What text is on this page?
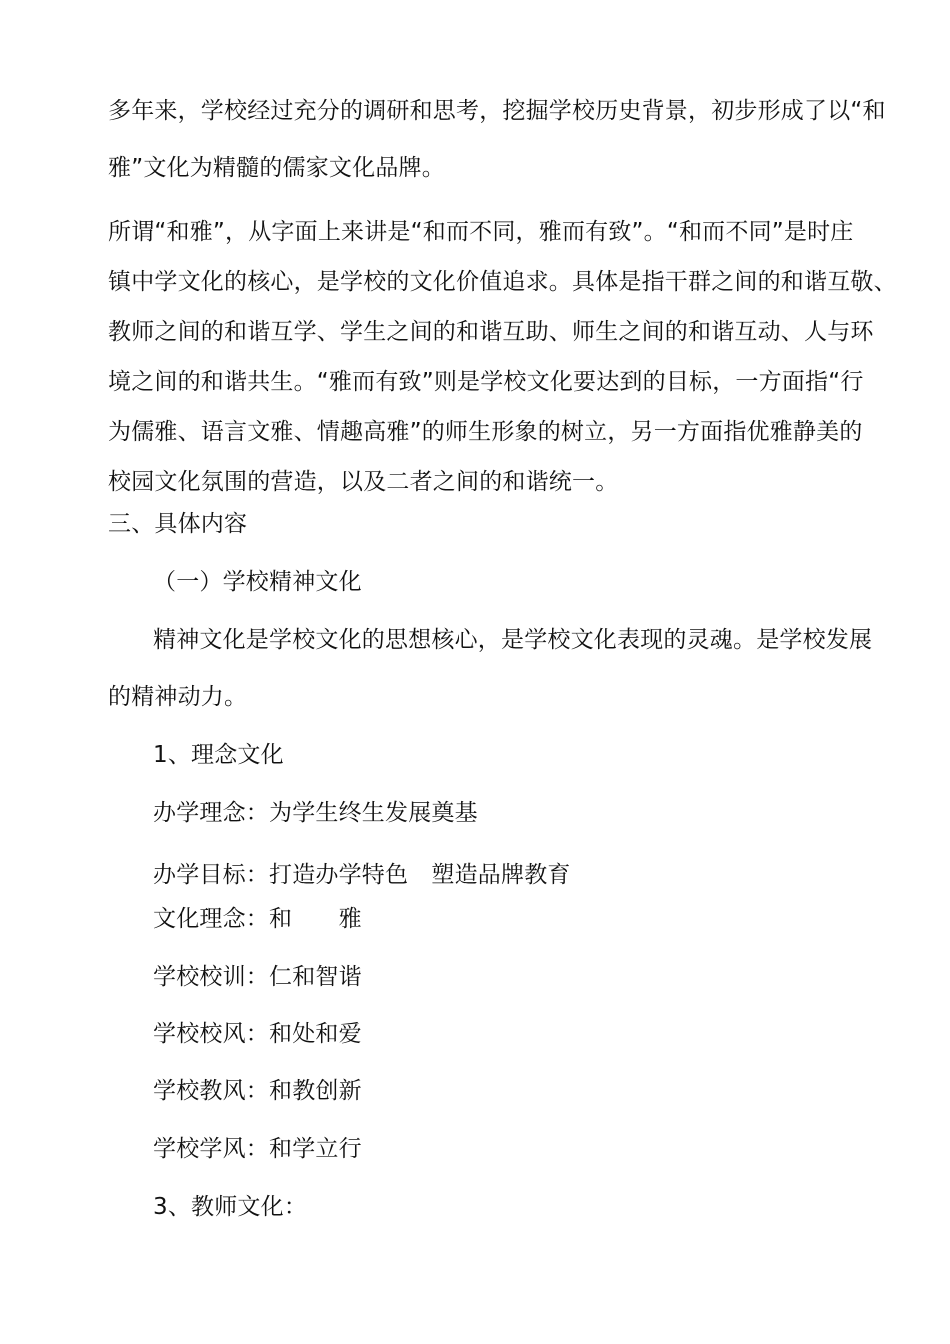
多年来，学校经过充分的调研和思考，挖掘学校历史背景，初步形成了以“和
雅”文化为精髓的儒家文化品牌。
所谓“和雅”，从字面上来讲是“和而不同，雅而有致”。“和而不同”是时庄
镇中学文化的核心，是学校的文化价值追求。具体是指干群之间的和谐互敬、
教师之间的和谐互学、学生之间的和谐互助、师生之间的和谐互动、人与环
境之间的和谐共生。“雅而有致”则是学校文化要达到的目标，一方面指“行
为儒雅、语言文雅、情趣高雅”的师生形象的树立，另一方面指优雅静美的
校园文化氛围的营造，以及二者之间的和谐统一。
三、具体内容
（一）学校精神文化
精神文化是学校文化的思想核心，是学校文化表现的灵魂。是学校发展
的精神动力。
1、理念文化
办学理念：为学生终生发展奠基
办学目标：打造办学特色　塑造品牌教育
文化理念：和　　雅
学校校训：仁和智谐
学校校风：和处和爱
学校教风：和教创新
学校学风：和学立行
3、教师文化：
